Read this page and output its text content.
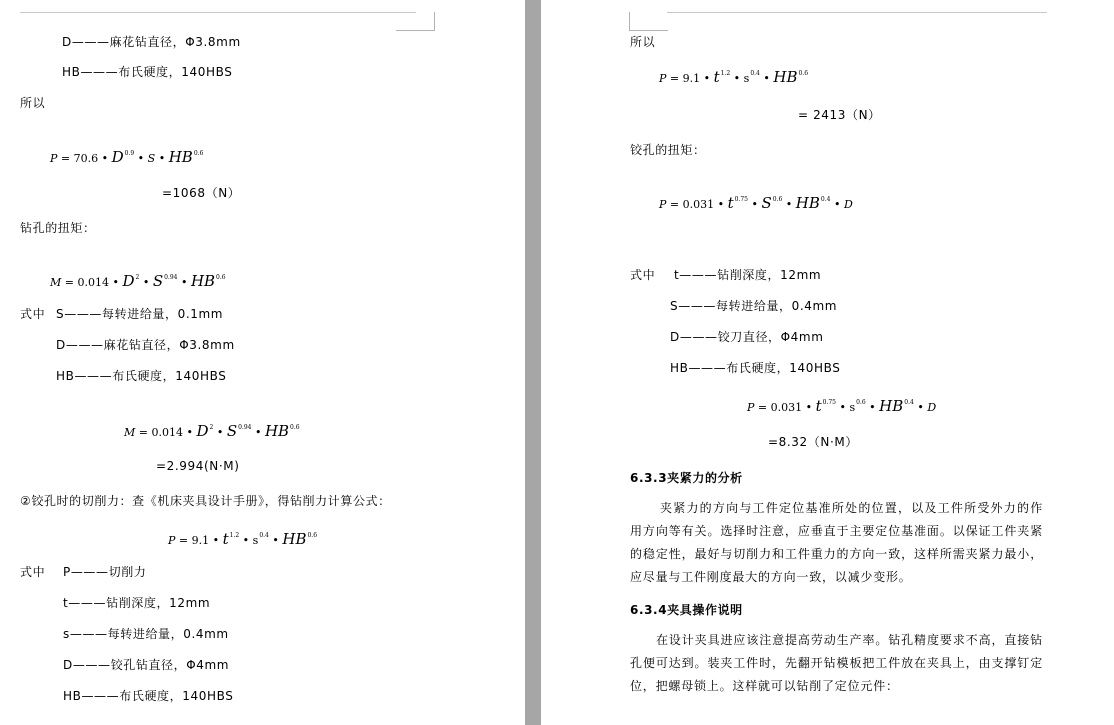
D———麻花钻直径，Φ3.8mm
HB———布氏硬度，140HBS
所以
P = 70.6 • $D^{0.9}$ • S • $HB^{0.6}$
=1068（N）
钻孔的扭矩：
M = 0.014 • $D^2$ • $S^{0.94}$ • $HB^{0.6}$
式中 S———每转进给量，0.1mm
D———麻花钻直径，Φ3.8mm
HB———布氏硬度，140HBS
M = 0.014 • $D^2$ • $S^{0.94}$ • $HB^{0.6}$
=2.994(N·M)
②铰孔时的切削力：查《机床夹具设计手册》，得钻削力计算公式：
P = 9.1 • $t^{1.2}$ • $s^{0.4}$ • $HB^{0.6}$
式中 P———切削力
t———钻削深度，12mm
s———每转进给量，0.4mm
D———铰孔钻直径，Φ4mm
HB———布氏硬度，140HBS
所以
P = 9.1 • $t^{1.2}$ • $s^{0.4}$ • $HB^{0.6}$
= 2413（N）
铰孔的扭矩：
P = 0.031 • $t^{0.75}$ • $S^{0.6}$ • $HB^{0.4}$ • D
式中 t———钻削深度，12mm
S———每转进给量，0.4mm
D———铰刀直径，Φ4mm
HB———布氏硬度，140HBS
P = 0.031 • $t^{0.75}$ • $s^{0.6}$ • $HB^{0.4}$ • D
=8.32（N·M）
6.3.3夹紧力的分析
夹紧力的方向与工件定位基准所处的位置，以及工件所受外力的作用方向等有关。选择时注意，应垂直于主要定位基准面。以保证工件夹紧的稳定性，最好与切削力和工件重力的方向一致，这样所需夹紧力最小，应尽量与工件刚度最大的方向一致，以减少变形。
6.3.4夹具操作说明
在设计夹具进应该注意提高劳动生产率。钻孔精度要求不高，直接钻孔便可达到。装夹工件时，先翻开钻模板把工件放在夹具上，由支撑钉定位，把螺母锁上。这样就可以钻削了定位元件：
